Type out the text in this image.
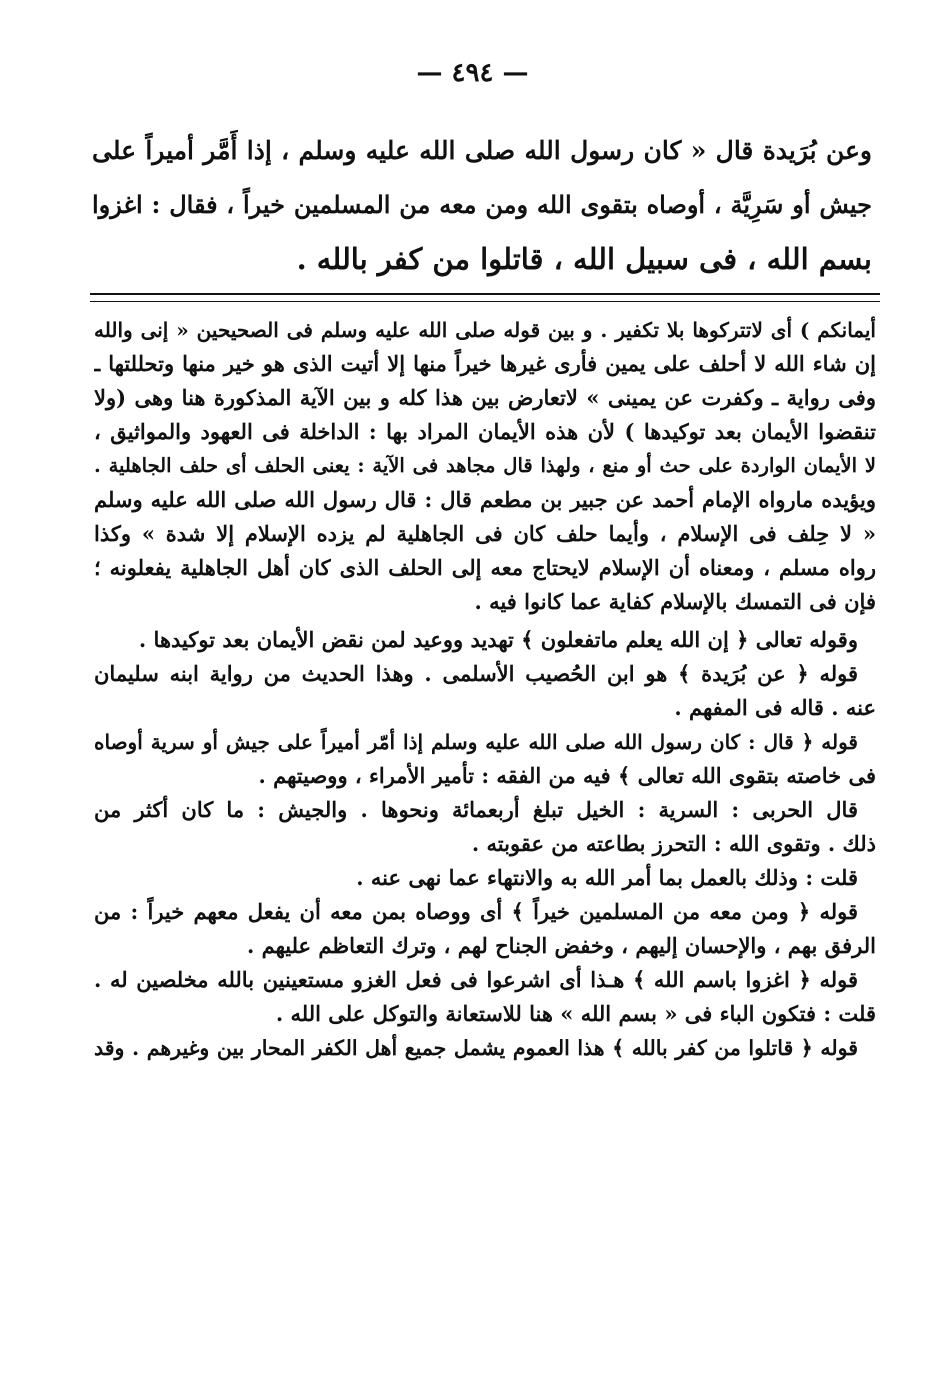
— ٤٩٤ —
وعن بُرَيدة قال « كان رسول الله صلى الله عليه وسلم ، إذا أَمَّر أميراً على
جيش أو سَرِيَّة ، أوصاه بتقوى الله ومن معه من المسلمين خيراً ، فقال : اغزوا
بسم الله ، فى سبيل الله ، قاتلوا من كفر بالله .
أيمانكم ) أى لاتتركوها بلا تكفير . و بين قوله صلى الله عليه وسلم فى الصحيحين « إنى والله
إن شاء الله لا أحلف على يمين فأرى غيرها خيراً منها إلا أتيت الذى هو خير منها وتحللتها ـ
وفى رواية ـ وكفرت عن يمينى » لاتعارض بين هذا كله و بين الآية المذكورة هنا وهى (ولا
تنقضوا الأيمان بعد توكيدها ) لأن هذه الأيمان المراد بها : الداخلة فى العهود والمواثيق ،
لا الأيمان الواردة على حث أو منع ، ولهذا قال مجاهد فى الآية : يعنى الحلف أى حلف الجاهلية .
ويؤيده مارواه الإمام أحمد عن جبير بن مطعم قال : قال رسول الله صلى الله عليه وسلم
« لا حِلف فى الإسلام ، وأيما حلف كان فى الجاهلية لم يزده الإسلام إلا شدة » وكذا
رواه مسلم ، ومعناه أن الإسلام لايحتاج معه إلى الحلف الذى كان أهل الجاهلية يفعلونه ؛
فإن فى التمسك بالإسلام كفاية عما كانوا فيه .
وقوله تعالى ﴿ إن الله يعلم ماتفعلون ﴾ تهديد ووعيد لمن نقض الأيمان بعد توكيدها .
قوله ﴿ عن بُرَيدة ﴾ هو ابن الحُصيب الأسلمى . وهذا الحديث من رواية ابنه سليمان
عنه . قاله فى المفهم .
قوله ﴿ قال : كان رسول الله صلى الله عليه وسلم إذا أمّر أميراً على جيش أو سرية أوصاه
فى خاصته بتقوى الله تعالى ﴾ فيه من الفقه : تأمير الأمراء ، ووصيتهم .
قال الحربى : السرية : الخيل تبلغ أربعمائة ونحوها . والجيش : ما كان أكثر من
ذلك . وتقوى الله : التحرز بطاعته من عقوبته .
قلت : وذلك بالعمل بما أمر الله به والانتهاء عما نهى عنه .
قوله ﴿ ومن معه من المسلمين خيراً ﴾ أى ووصاه بمن معه أن يفعل معهم خيراً : من
الرفق بهم ، والإحسان إليهم ، وخفض الجناح لهم ، وترك التعاظم عليهم .
قوله ﴿ اغزوا باسم الله ﴾ هـذا أى اشرعوا فى فعل الغزو مستعينين بالله مخلصين له .
قلت : فتكون الباء فى « بسم الله » هنا للاستعانة والتوكل على الله .
قوله ﴿ قاتلوا من كفر بالله ﴾ هذا العموم يشمل جميع أهل الكفر المحار بين وغيرهم . وقد
